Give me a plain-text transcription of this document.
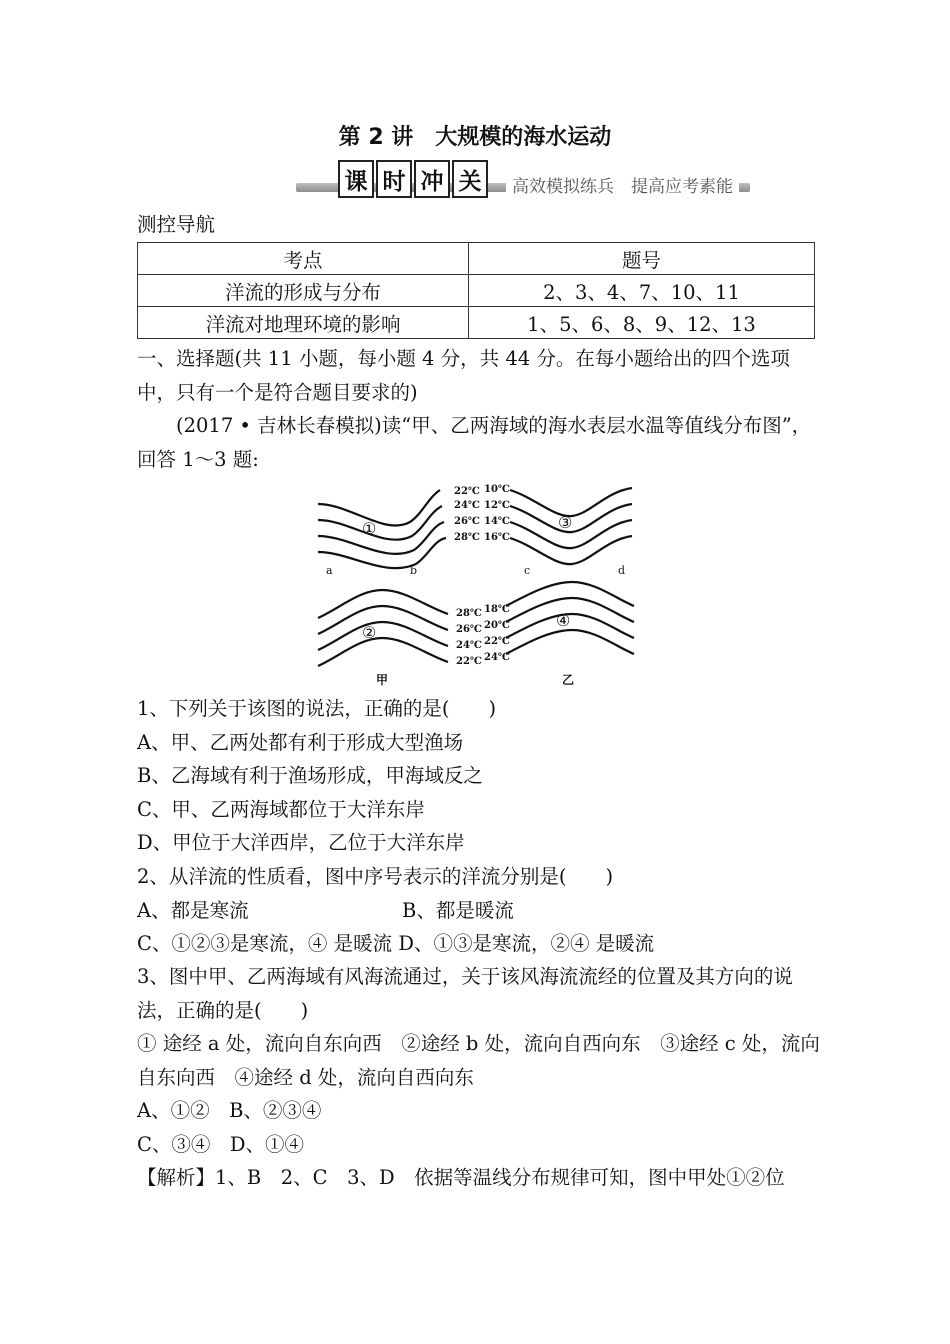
第 2 讲　大规模的海水运动
课 时 冲 关	高效模拟练兵　提高应考素能
测控导航
考点	题号
洋流的形成与分布	2、3、4、7、10、11
洋流对地理环境的影响	1、5、6、8、9、12、13
一、选择题(共 11 小题，每小题 4 分，共 44 分。在每小题给出的四个选项中，只有一个是符合题目要求的)
(2017 • 吉林长春模拟)读“甲、乙两海域的海水表层水温等值线分布图”，回答 1～3 题:
22℃
24℃
26℃
28℃
10℃
12℃
14℃
16℃
28℃
26℃
24℃
22℃
18℃
20℃
22℃
24℃
①
②
③
④
a	b	c	d
甲	乙
1、下列关于该图的说法，正确的是(　　)
A、甲、乙两处都有利于形成大型渔场
B、乙海域有利于渔场形成，甲海域反之
C、甲、乙两海域都位于大洋东岸
D、甲位于大洋西岸，乙位于大洋东岸
2、从洋流的性质看，图中序号表示的洋流分别是(　　)
A、都是寒流	B、都是暖流
C、①②③是寒流，④ 是暖流 D、①③是寒流，②④ 是暖流
3、图中甲、乙两海域有风海流通过，关于该风海流流经的位置及其方向的说法，正确的是(　　)
① 途经 a 处，流向自东向西　②途经 b 处，流向自西向东　③途经 c 处，流向自东向西　④途经 d 处，流向自西向东
A、①②　B、②③④
C、③④　D、①④
【解析】1、B　2、C　3、D　依据等温线分布规律可知，图中甲处①②位
